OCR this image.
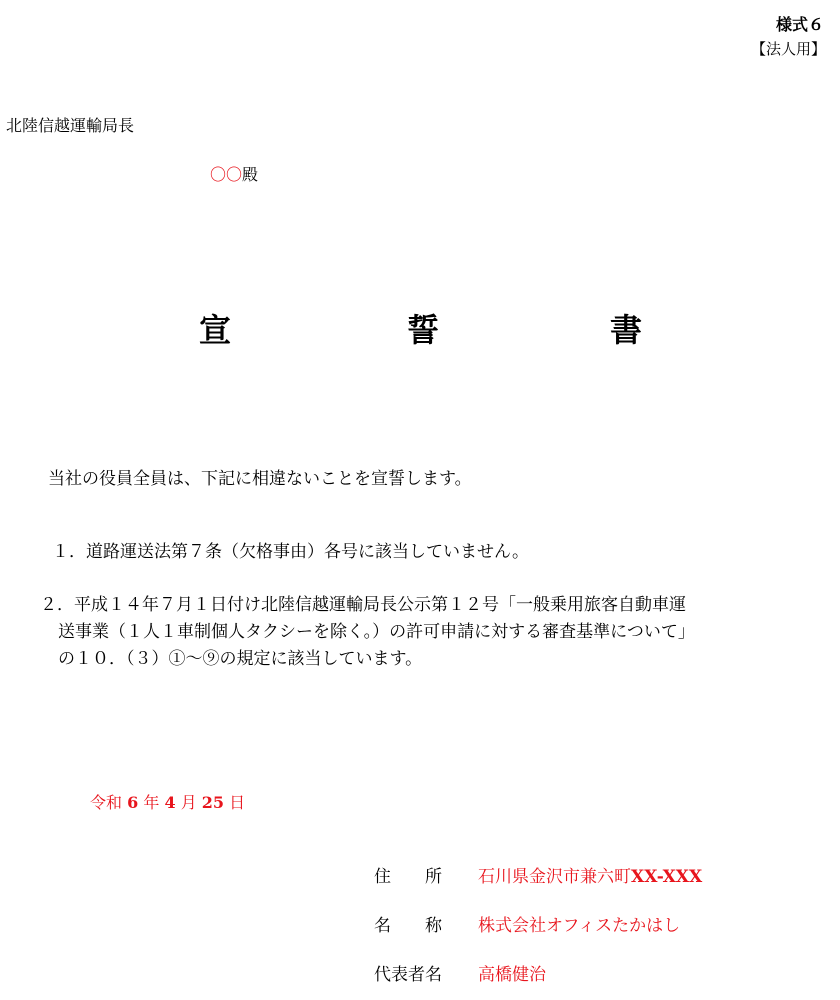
様式６
【法人用】
北陸信越運輸局長
〇〇殿
宣	誓	書
当社の役員全員は、下記に相違ないことを宣誓します。
１．道路運送法第７条（欠格事由）各号に該当していません。
２．平成１４年７月１日付け北陸信越運輸局長公示第１２号「一般乗用旅客自動車運
送事業（１人１車制個人タクシーを除く。）の許可申請に対する審査基準について」
の１０．（３）①〜⑨の規定に該当しています。
令和 6 年 4 月 25 日
住　　所 石川県金沢市兼六町XX-XXX
名　　称 株式会社オフィスたかはし
代表者名 高橋健治
